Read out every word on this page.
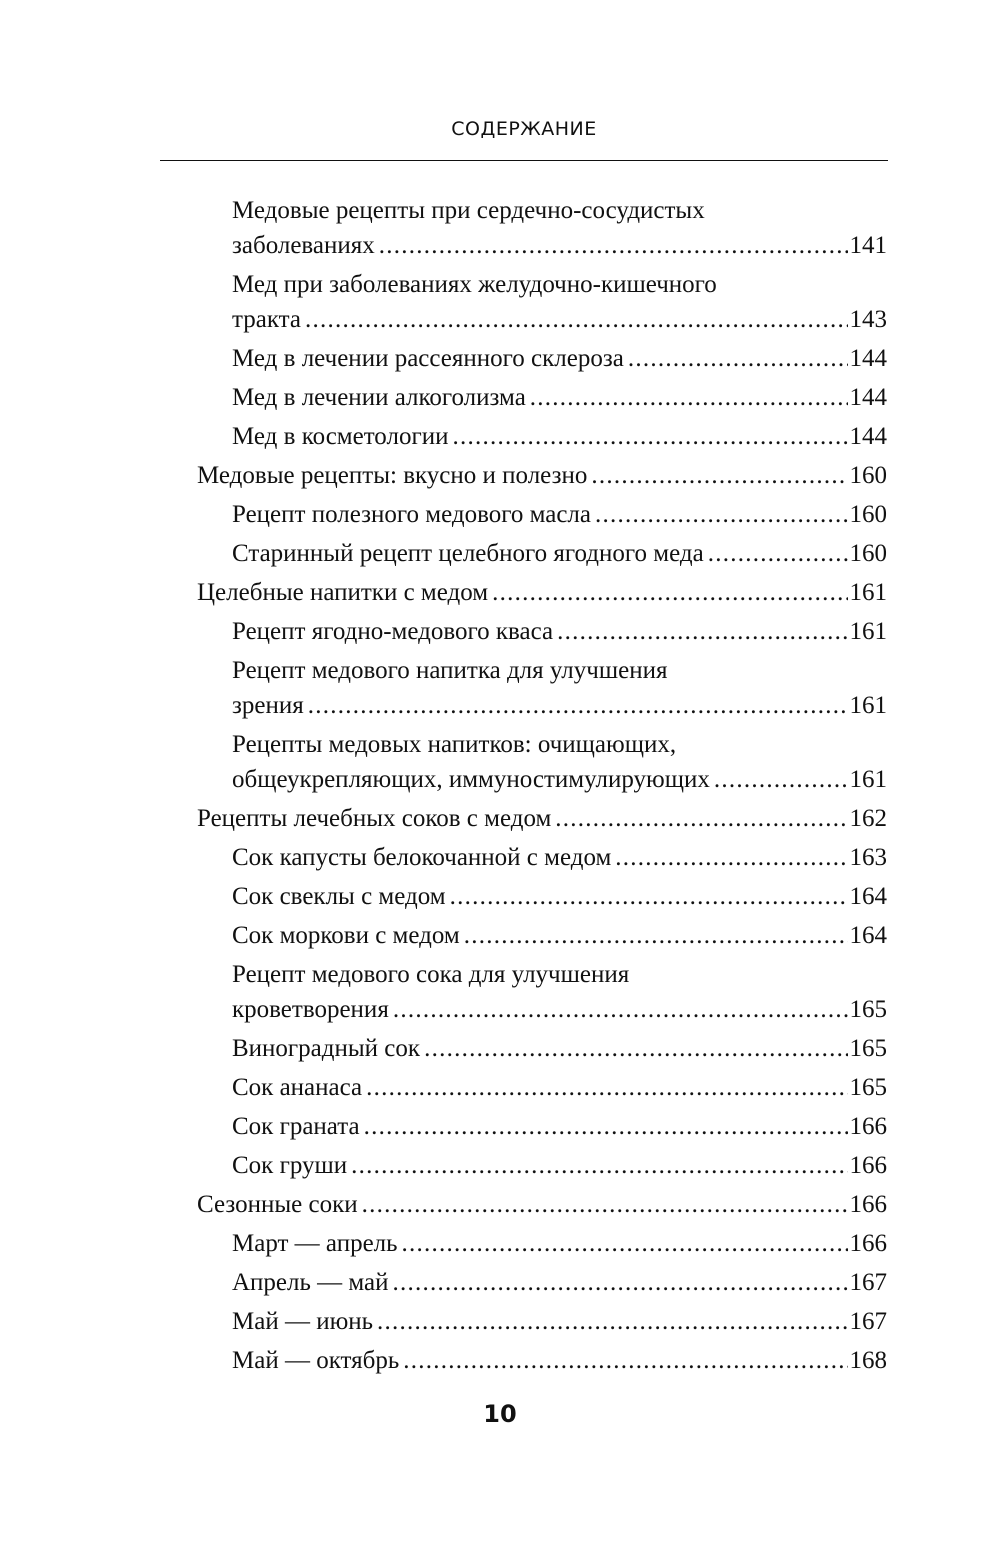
СОДЕРЖАНИЕ
Медовые рецепты при сердечно-сосудистых
заболеваниях . . .	141
Мед при заболеваниях желудочно-кишечного
тракта . . .	143
Мед в лечении рассеянного склероза . . .	144
Мед в лечении алкоголизма . . .	144
Мед в косметологии . . .	144
Медовые рецепты: вкусно и полезно . . .	160
Рецепт полезного медового масла . . .	160
Старинный рецепт целебного ягодного меда . . .	160
Целебные напитки с медом . . .	161
Рецепт ягодно-медового кваса . . .	161
Рецепт медового напитка для улучшения
зрения . . .	161
Рецепты медовых напитков: очищающих,
общеукрепляющих, иммуностимулирующих . . .	161
Рецепты лечебных соков с медом . . .	162
Сок капусты белокочанной с медом . . .	163
Сок свеклы с медом . . .	164
Сок моркови с медом . . .	164
Рецепт медового сока для улучшения
кроветворения . . .	165
Виноградный сок . . .	165
Сок ананаса . . .	165
Сок граната . . .	166
Сок груши . . .	166
Сезонные соки . . .	166
Март — апрель . . .	166
Апрель — май . . .	167
Май — июнь . . .	167
Май — октябрь . . .	168
10
